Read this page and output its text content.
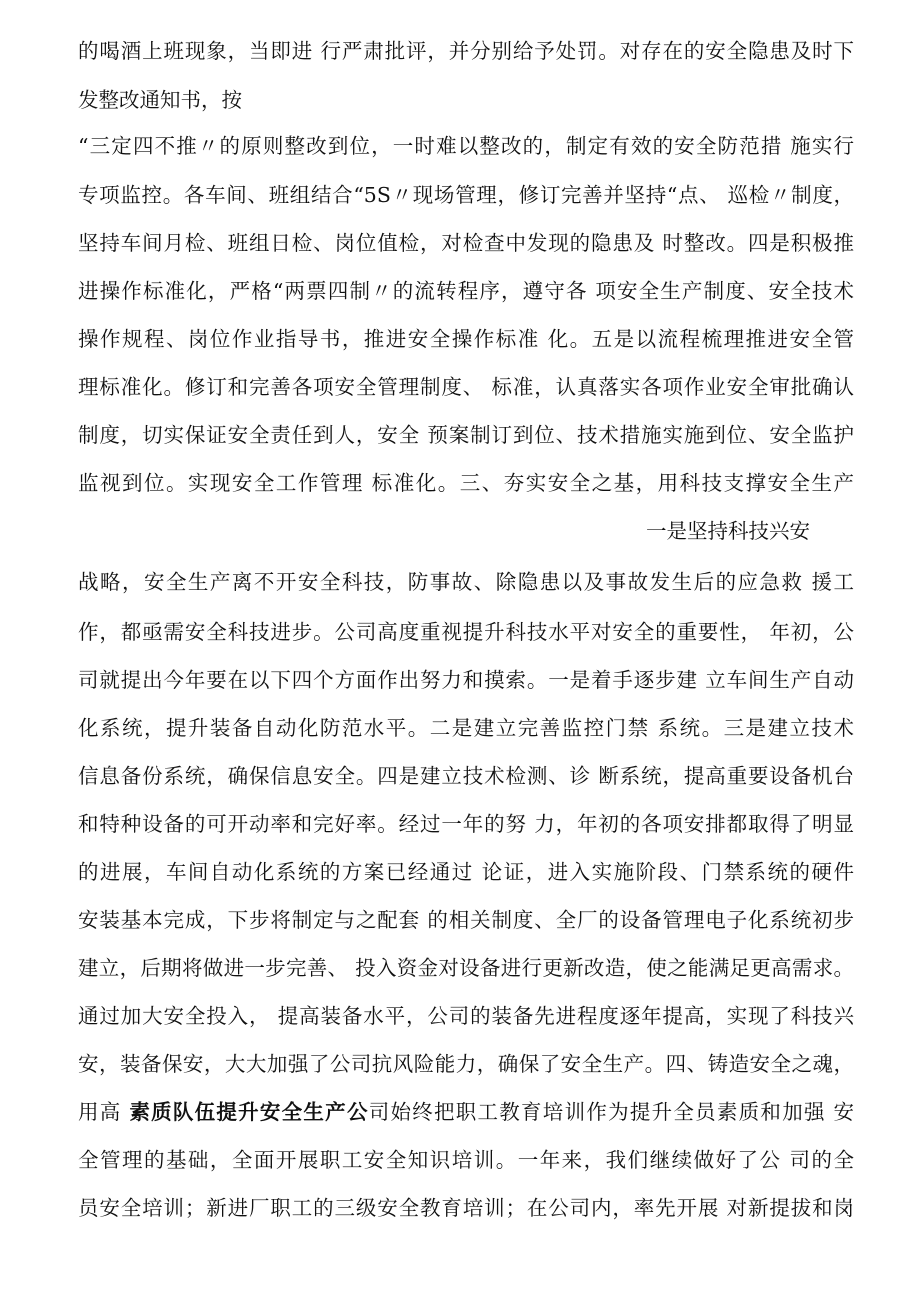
的喝酒上班现象，当即进 行严肃批评，并分别给予处罚。对存在的安全隐患及时下
发整改通知书，按
“三定四不推〃的原则整改到位，一时难以整改的，制定有效的安全防范措 施实行
专项监控。各车间、班组结合“5S〃现场管理，修订完善并坚持“点、 巡检〃制度，
坚持车间月检、班组日检、岗位值检，对检查中发现的隐患及 时整改。四是积极推
进操作标准化，严格“两票四制〃的流转程序，遵守各 项安全生产制度、安全技术
操作规程、岗位作业指导书，推进安全操作标准 化。五是以流程梳理推进安全管
理标准化。修订和完善各项安全管理制度、 标准，认真落实各项作业安全审批确认
制度，切实保证安全责任到人，安全 预案制订到位、技术措施实施到位、安全监护
监视到位。实现安全工作管理 标准化。三、夯实安全之基，用科技支撑安全生产
一是坚持科技兴安
战略，安全生产离不开安全科技，防事故、除隐患以及事故发生后的应急救 援工
作，都亟需安全科技进步。公司高度重视提升科技水平对安全的重要性， 年初，公
司就提出今年要在以下四个方面作出努力和摸索。一是着手逐步建 立车间生产自动
化系统，提升装备自动化防范水平。二是建立完善监控门禁 系统。三是建立技术
信息备份系统，确保信息安全。四是建立技术检测、诊 断系统，提高重要设备机台
和特种设备的可开动率和完好率。经过一年的努 力，年初的各项安排都取得了明显
的进展，车间自动化系统的方案已经通过 论证，进入实施阶段、门禁系统的硬件
安装基本完成，下步将制定与之配套 的相关制度、全厂的设备管理电子化系统初步
建立，后期将做进一步完善、 投入资金对设备进行更新改造，使之能满足更高需求。
通过加大安全投入， 提高装备水平，公司的装备先进程度逐年提高，实现了科技兴
安，装备保安，大大加强了公司抗风险能力，确保了安全生产。四、铸造安全之魂，
用高 素质队伍提升安全生产公司始终把职工教育培训作为提升全员素质和加强 安
全管理的基础，全面开展职工安全知识培训。一年来，我们继续做好了公 司的全
员安全培训；新进厂职工的三级安全教育培训；在公司内，率先开展 对新提拔和岗
